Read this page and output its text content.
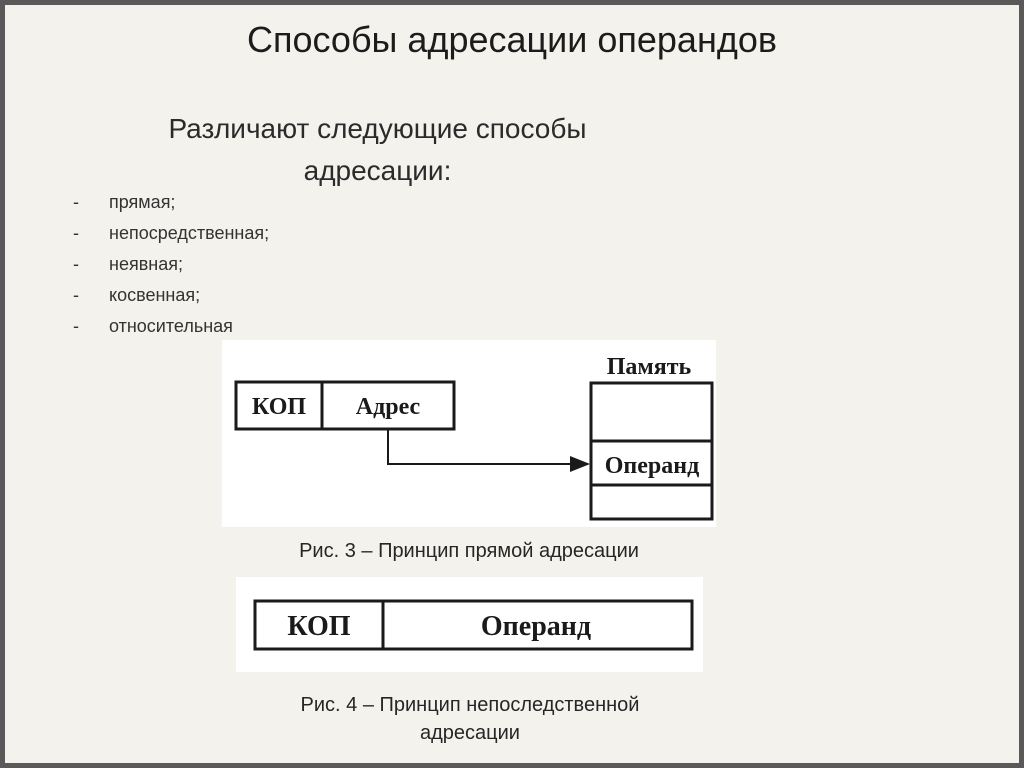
Способы адресации операндов
Различают следующие способы
адресации:
- прямая;
- непосредственная;
- неявная;
- косвенная;
- относительная
КОП Адрес
Память
Операнд
Рис. 3 – Принцип прямой адресации
КОП	Операнд
Рис. 4 – Принцип непоследственной
адресации
